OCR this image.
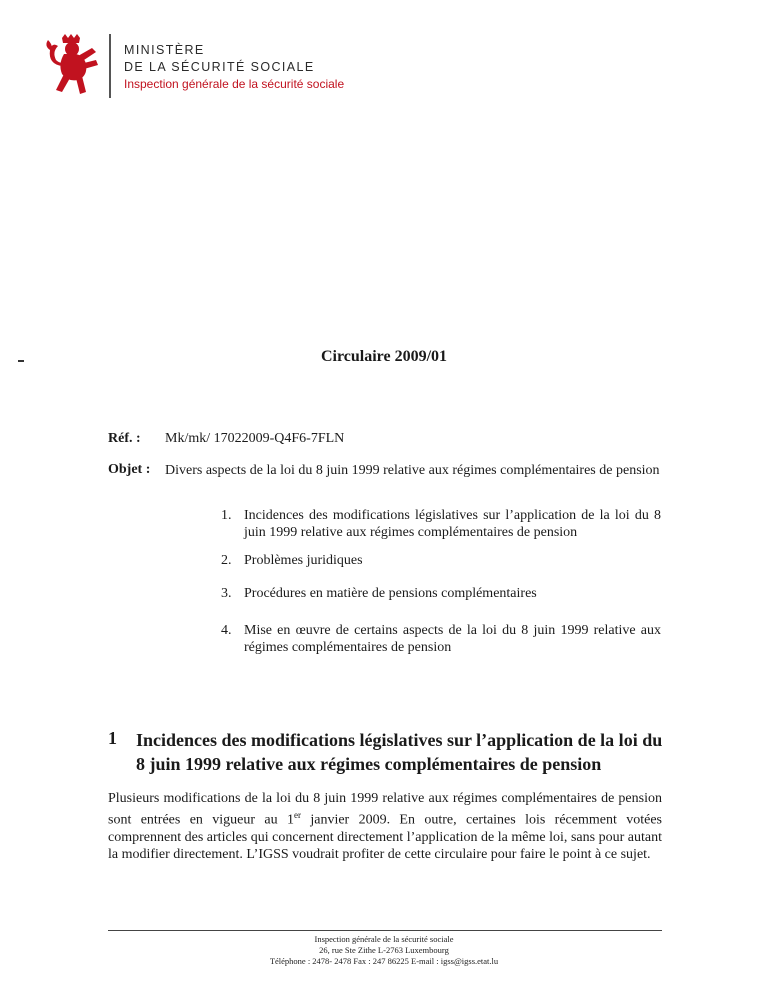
MINISTÈRE
DE LA SÉCURITÉ SOCIALE
Inspection générale de la sécurité sociale
Circulaire 2009/01
Réf. : Mk/mk/ 17022009-Q4F6-7FLN
Objet : Divers aspects de la loi du 8 juin 1999 relative aux régimes complémentaires de pension
1. Incidences des modifications législatives sur l’application de la loi du 8 juin 1999 relative aux régimes complémentaires de pension
2. Problèmes juridiques
3. Procédures en matière de pensions complémentaires
4. Mise en œuvre de certains aspects de la loi du 8 juin 1999 relative aux régimes complémentaires de pension
1 Incidences des modifications législatives sur l’application de la loi du 8 juin 1999 relative aux régimes complémentaires de pension
Plusieurs modifications de la loi du 8 juin 1999 relative aux régimes complémentaires de pension sont entrées en vigueur au 1er janvier 2009. En outre, certaines lois récemment votées comprennent des articles qui concernent directement l’application de la même loi, sans pour autant la modifier directement. L’IGSS voudrait profiter de cette circulaire pour faire le point à ce sujet.
Inspection générale de la sécurité sociale
26, rue Ste Zithe L-2763 Luxembourg
Téléphone : 2478- 2478 Fax : 247 86225 E-mail : igss@igss.etat.lu
